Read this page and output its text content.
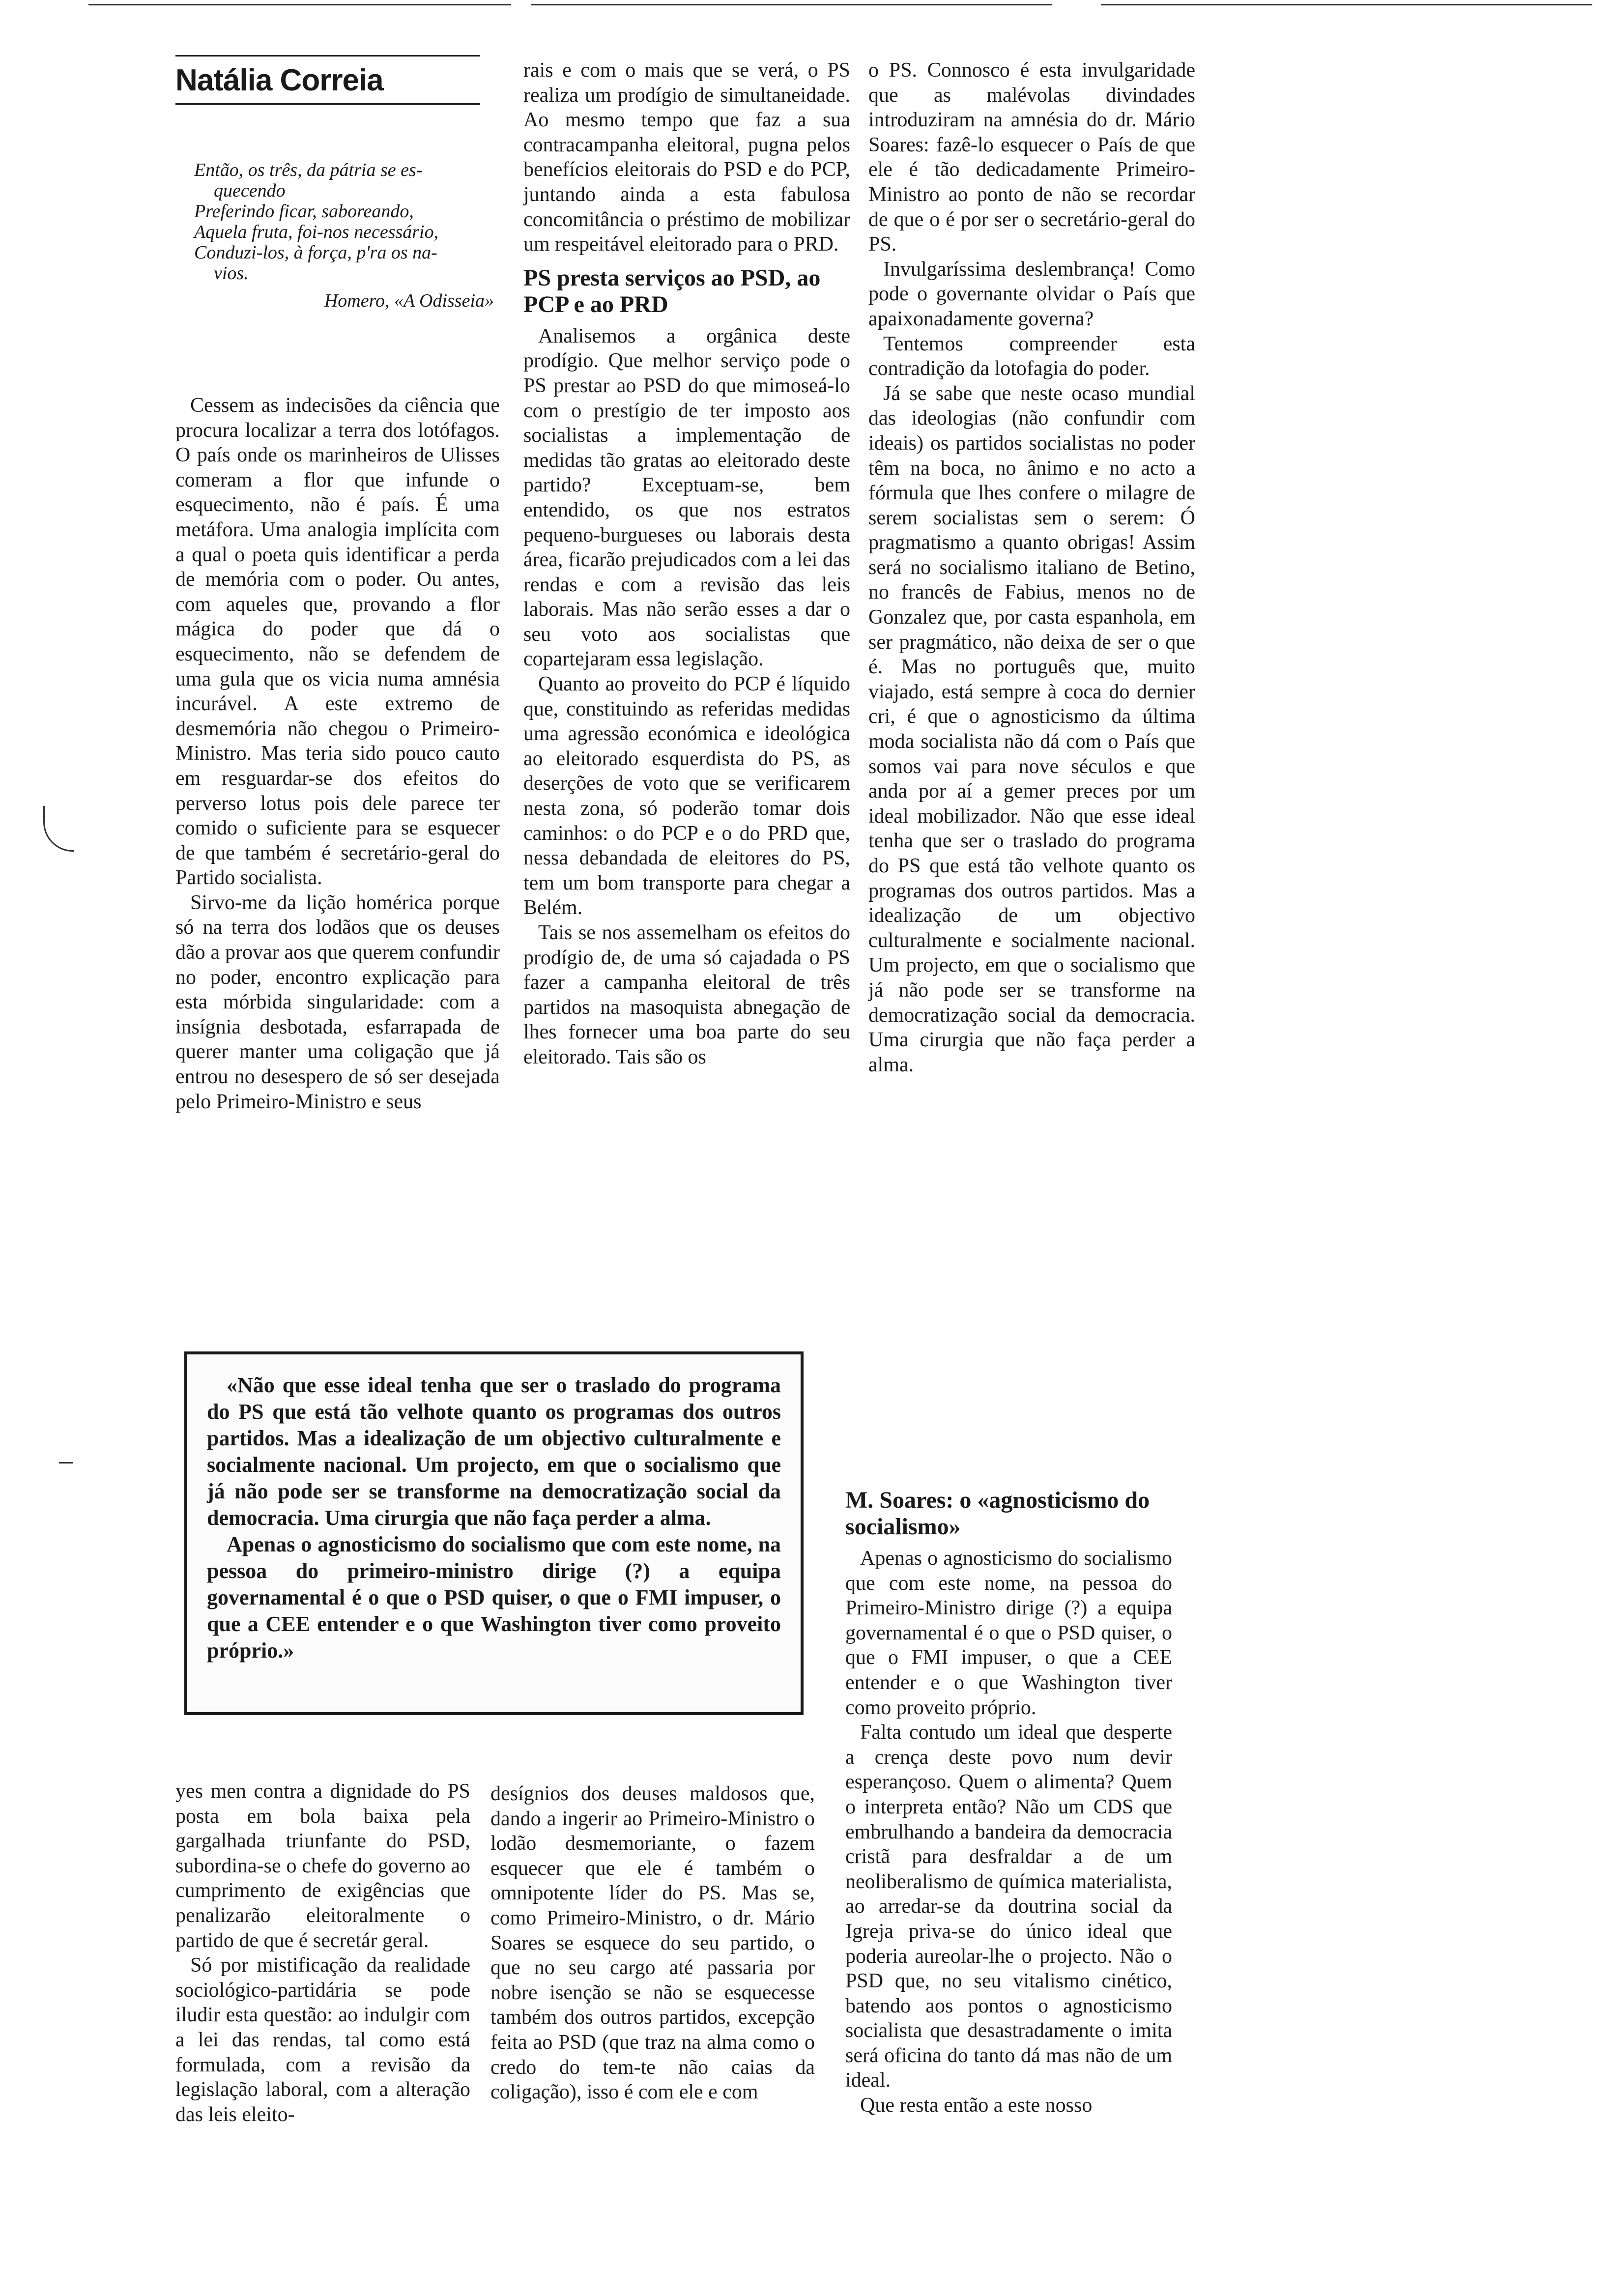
Natália Correia
Então, os três, da pátria se es-
quecendo
Preferindo ficar, saboreando,
Aquela fruta, foi-nos necessário,
Conduzi-los, à força, p'ra os na-
vios.
Homero, «A Odisseia»

Cessem as indecisões da ciência que procura localizar a terra dos lotófagos. O país onde os marinheiros de Ulisses comeram a flor que infunde o esquecimento, não é país. É uma metáfora. Uma analogia implícita com a qual o poeta quis identificar a perda de memória com o poder. Ou antes, com aqueles que, provando a flor mágica do poder que dá o esquecimento, não se defendem de uma gula que os vicia numa amnésia incurável. A este extremo de desmemória não chegou o Primeiro-Ministro. Mas teria sido pouco cauto em resguardar-se dos efeitos do perverso lotus pois dele parece ter comido o suficiente para se esquecer de que também é secretário-geral do Partido socialista.

Sirvo-me da lição homérica porque só na terra dos lodãos que os deuses dão a provar aos que querem confundir no poder, encontro explicação para esta mórbida singularidade: com a insígnia desbotada, esfarrapada de querer manter uma coligação que já entrou no desespero de só ser desejada pelo Primeiro-Ministro e seus

rais e com o mais que se verá, o PS realiza um prodígio de simultaneidade. Ao mesmo tempo que faz a sua contracampanha eleitoral, pugna pelos benefícios eleitorais do PSD e do PCP, juntando ainda a esta fabulosa concomitância o préstimo de mobilizar um respeitável eleitorado para o PRD.

PS presta serviços ao PSD, ao PCP e ao PRD

Analisemos a orgânica deste prodígio. Que melhor serviço pode o PS prestar ao PSD do que mimoseá-lo com o prestígio de ter imposto aos socialistas a implementação de medidas tão gratas ao eleitorado deste partido? Exceptuam-se, bem entendido, os que nos estratos pequeno-burgueses ou laborais desta área, ficarão prejudicados com a lei das rendas e com a revisão das leis laborais. Mas não serão esses a dar o seu voto aos socialistas que copartejaram essa legislação.

Quanto ao proveito do PCP é líquido que, constituindo as referidas medidas uma agressão económica e ideológica ao eleitorado esquerdista do PS, as deserções de voto que se verificarem nesta zona, só poderão tomar dois caminhos: o do PCP e o do PRD que, nessa debandada de eleitores do PS, tem um bom transporte para chegar a Belém.

Tais se nos assemelham os efeitos do prodígio de, de uma só cajadada o PS fazer a campanha eleitoral de três partidos na masoquista abnegação de lhes fornecer uma boa parte do seu eleitorado. Tais são os

o PS. Connosco é esta invulgaridade que as malévolas divindades introduziram na amnésia do dr. Mário Soares: fazê-lo esquecer o País de que ele é tão dedicadamente Primeiro-Ministro ao ponto de não se recordar de que o é por ser o secretário-geral do PS.

Invulgaríssima deslembrança! Como pode o governante olvidar o País que apaixonadamente governa?

Tentemos compreender esta contradição da lotofagia do poder.

Já se sabe que neste ocaso mundial das ideologias (não confundir com ideais) os partidos socialistas no poder têm na boca, no ânimo e no acto a fórmula que lhes confere o milagre de serem socialistas sem o serem: Ó pragmatismo a quanto obrigas! Assim será no socialismo italiano de Betino, no francês de Fabius, menos no de Gonzalez que, por casta espanhola, em ser pragmático, não deixa de ser o que é. Mas no português que, muito viajado, está sempre à coca do dernier cri, é que o agnosticismo da última moda socialista não dá com o País que somos vai para nove séculos e que anda por aí a gemer preces por um ideal mobilizador. Não que esse ideal tenha que ser o traslado do programa do PS que está tão velhote quanto os programas dos outros partidos. Mas a idealização de um objectivo culturalmente e socialmente nacional. Um projecto, em que o socialismo que já não pode ser se transforme na democratização social da democracia. Uma cirurgia que não faça perder a alma.

«Não que esse ideal tenha que ser o traslado do programa do PS que está tão velhote quanto os programas dos outros partidos. Mas a idealização de um objectivo culturalmente e socialmente nacional. Um projecto, em que o socialismo que já não pode ser se transforme na democratização social da democracia. Uma cirurgia que não faça perder a alma.

Apenas o agnosticismo do socialismo que com este nome, na pessoa do primeiro-ministro dirige (?) a equipa governamental é o que o PSD quiser, o que o FMI impuser, o que a CEE entender e o que Washington tiver como proveito próprio.»

M. Soares: o «agnosticismo do socialismo»

Apenas o agnosticismo do socialismo que com este nome, na pessoa do Primeiro-Ministro dirige (?) a equipa governamental é o que o PSD quiser, o que o FMI impuser, o que a CEE entender e o que Washington tiver como proveito próprio.

Falta contudo um ideal que desperte a crença deste povo num devir esperançoso. Quem o alimenta? Quem o interpreta então? Não um CDS que embrulhando a bandeira da democracia cristã para desfraldar a de um neoliberalismo de química materialista, ao arredar-se da doutrina social da Igreja priva-se do único ideal que poderia aureolar-lhe o projecto. Não o PSD que, no seu vitalismo cinético, batendo aos pontos o agnosticismo socialista que desastradamente o imita será oficina do tanto dá mas não de um ideal.

Que resta então a este nosso

yes men contra a dignidade do PS posta em bola baixa pela gargalhada triunfante do PSD, subordina-se o chefe do governo ao cumprimento de exigências que penalizarão eleitoralmente o partido de que é secretár geral.

Só por mistificação da realidade sociológico-partidária se pode iludir esta questão: ao indulgir com a lei das rendas, tal como está formulada, com a revisão da legislação laboral, com a alteração das leis eleito-

desígnios dos deuses maldosos que, dando a ingerir ao Primeiro-Ministro o lodão desmemoriante, o fazem esquecer que ele é também o omnipotente líder do PS. Mas se, como Primeiro-Ministro, o dr. Mário Soares se esquece do seu partido, o que no seu cargo até passaria por nobre isenção se não se esquecesse também dos outros partidos, excepção feita ao PSD (que traz na alma como o credo do tem-te não caias da coligação), isso é com ele e com
